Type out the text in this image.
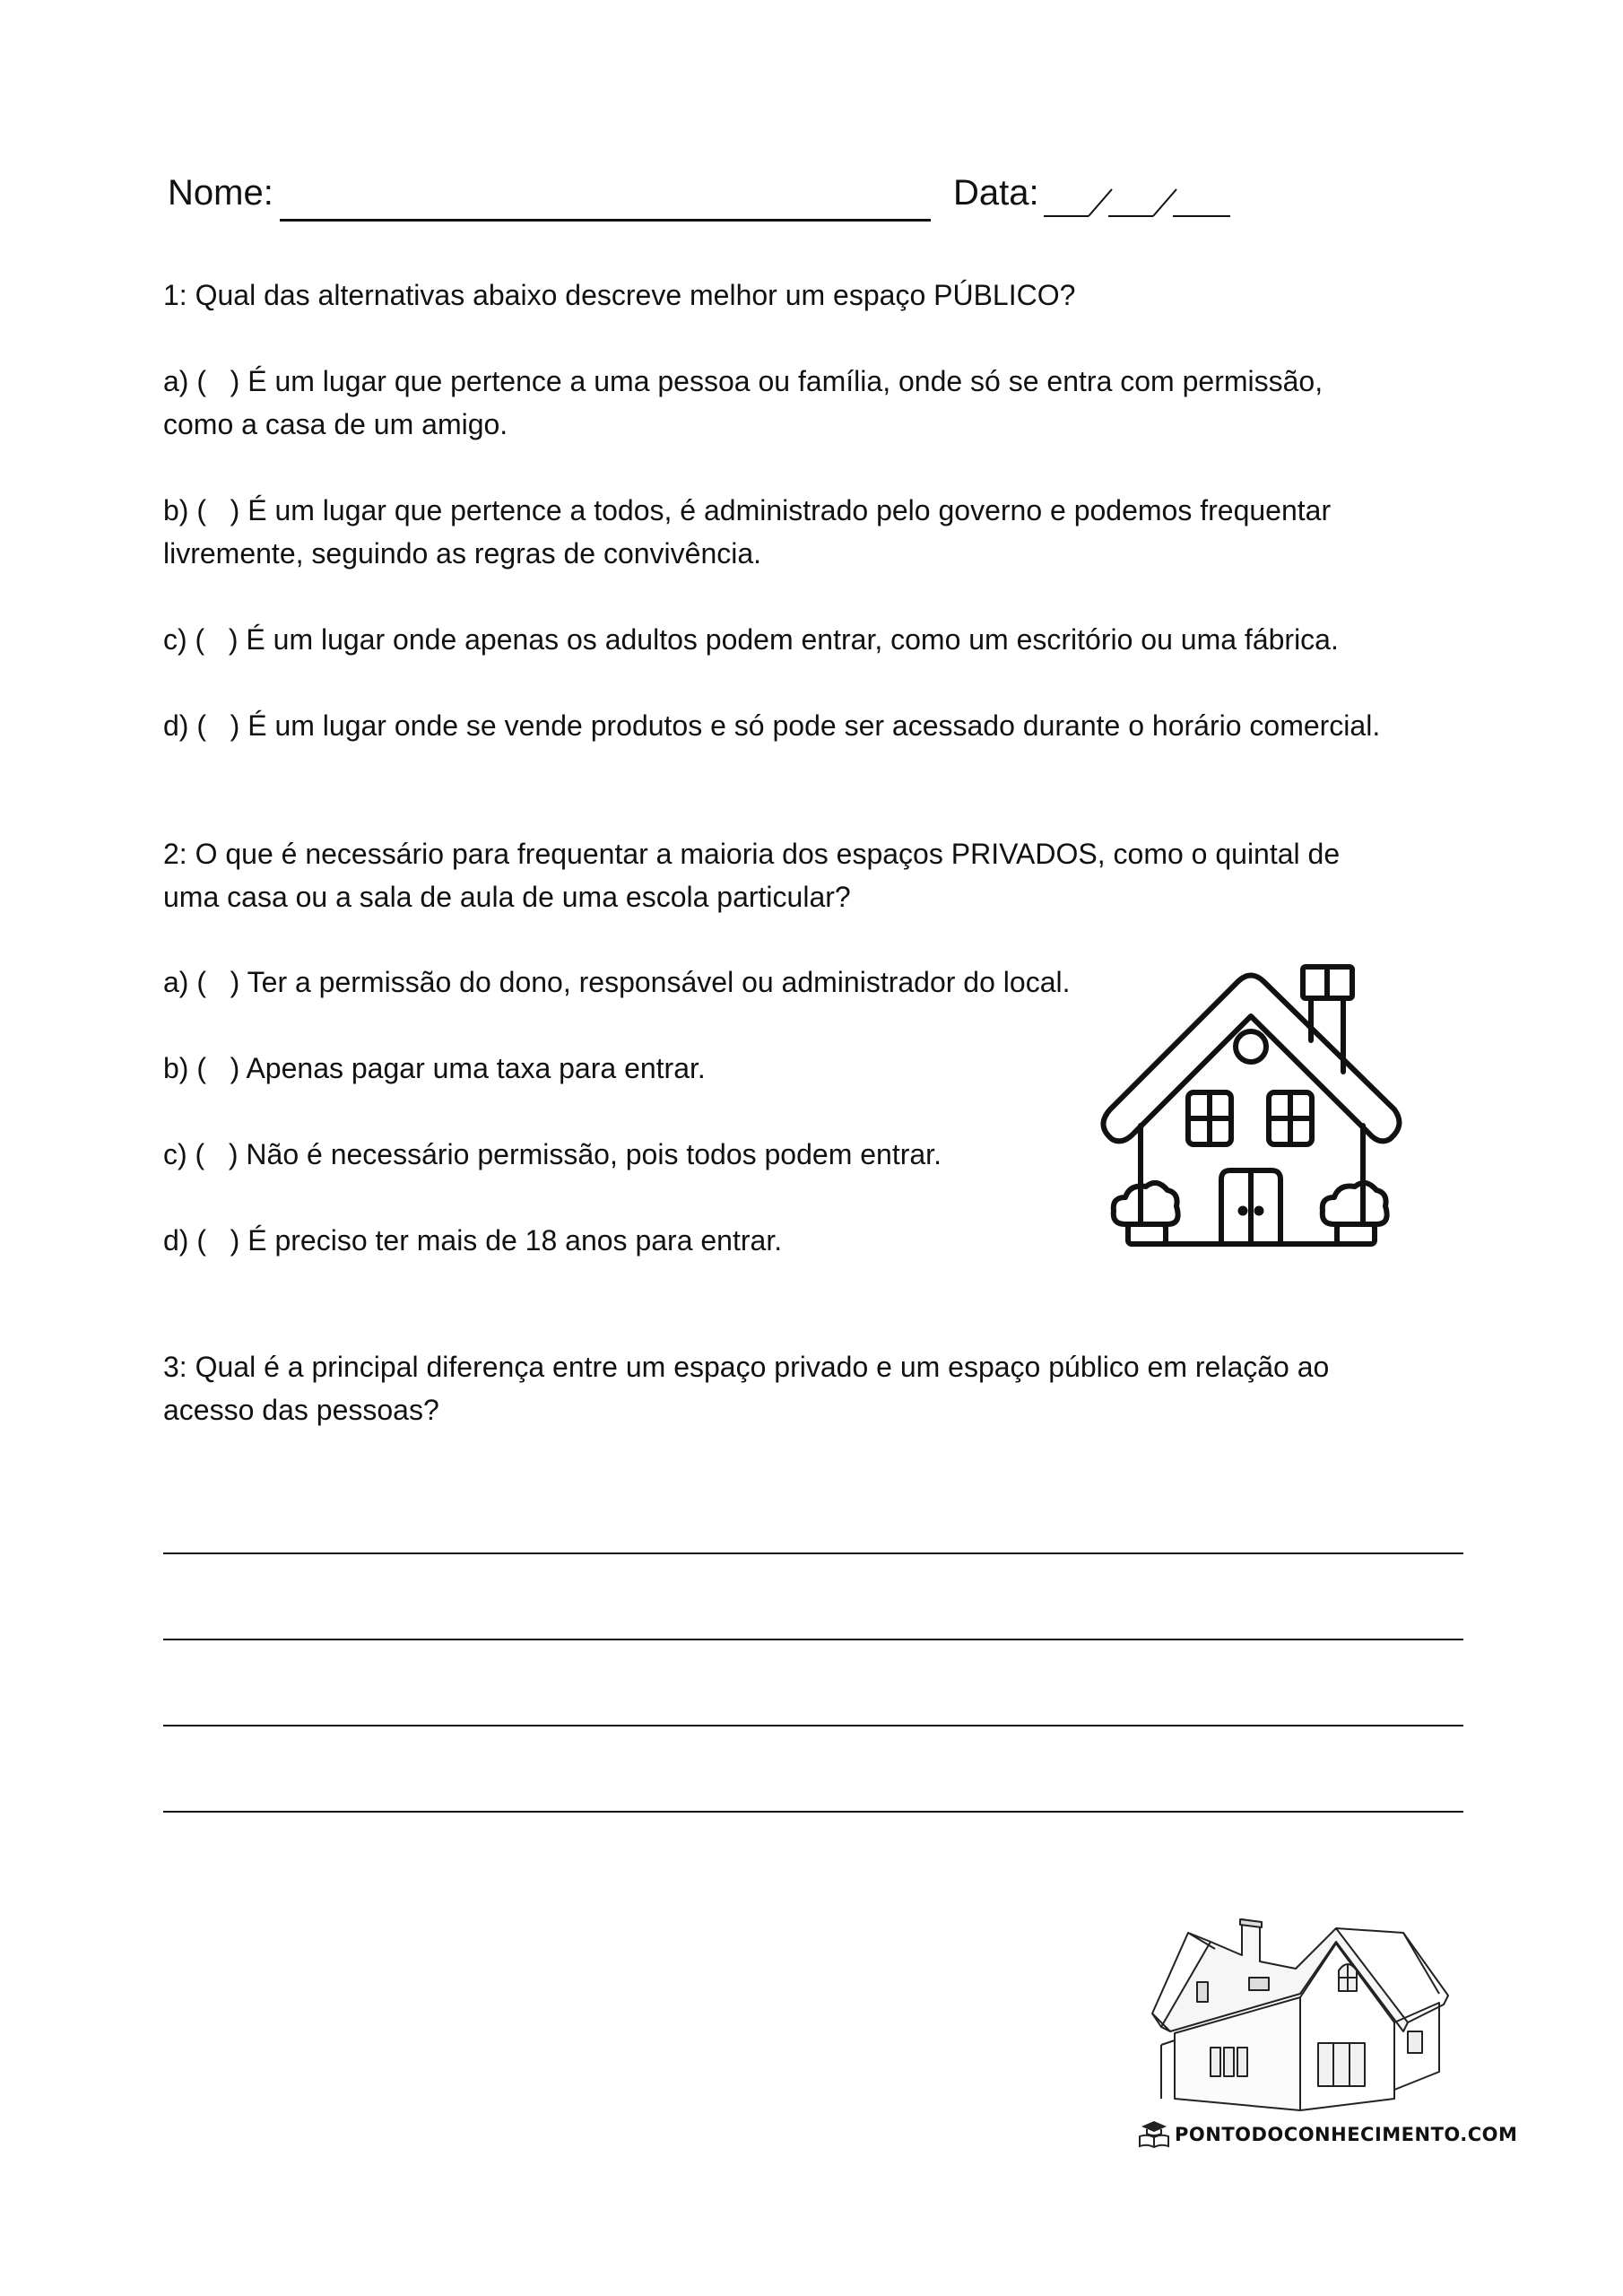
Nome:	Data:
1: Qual das alternativas abaixo descreve melhor um espaço PÚBLICO?
a) (   ) É um lugar que pertence a uma pessoa ou família, onde só se entra com permissão,
como a casa de um amigo.
b) (   ) É um lugar que pertence a todos, é administrado pelo governo e podemos frequentar
livremente, seguindo as regras de convivência.
c) (   ) É um lugar onde apenas os adultos podem entrar, como um escritório ou uma fábrica.
d) (   ) É um lugar onde se vende produtos e só pode ser acessado durante o horário comercial.
2: O que é necessário para frequentar a maioria dos espaços PRIVADOS, como o quintal de
uma casa ou a sala de aula de uma escola particular?
a) (   ) Ter a permissão do dono, responsável ou administrador do local.
b) (   ) Apenas pagar uma taxa para entrar.
c) (   ) Não é necessário permissão, pois todos podem entrar.
d) (   ) É preciso ter mais de 18 anos para entrar.
3: Qual é a principal diferença entre um espaço privado e um espaço público em relação ao
acesso das pessoas?
PONTODOCONHECIMENTO.COM
